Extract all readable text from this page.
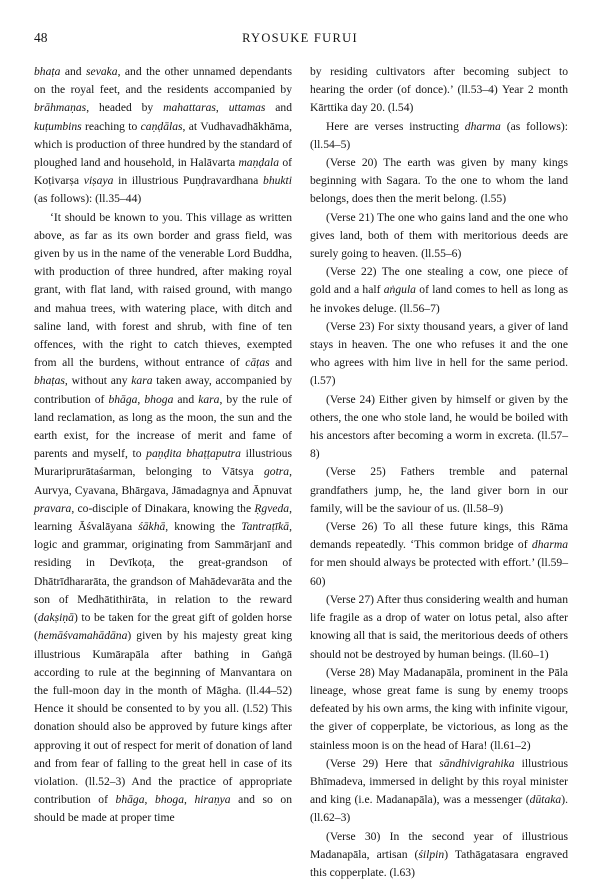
48	RYOSUKE FURUI

bhaṭa and sevaka, and the other unnamed dependants on the royal feet, and the residents accompanied by brāhmaṇas, headed by mahattaras, uttamas and kuṭumbins reaching to caṇḍālas, at Vudhavadhākhāma, which is production of three hundred by the standard of ploughed land and household, in Halāvarta maṇḍala of Koṭivarṣa viṣaya in illustrious Puṇḍravardhana bhukti (as follows): (ll.35–44)

‘It should be known to you. This village as written above, as far as its own border and grass field, was given by us in the name of the venerable Lord Buddha, with production of three hundred, after making royal grant, with flat land, with raised ground, with mango and mahua trees, with watering place, with ditch and saline land, with forest and shrub, with fine of ten offences, with the right to catch thieves, exempted from all the burdens, without entrance of cāṭas and bhaṭas, without any kara taken away, accompanied by contribution of bhāga, bhoga and kara, by the rule of land reclamation, as long as the moon, the sun and the earth exist, for the increase of merit and fame of parents and myself, to paṇḍita bhaṭṭaputra illustrious Murariprurātaśarman, belonging to Vātsya gotra, Aurvya, Cyavana, Bhārgava, Jāmadagnya and Āpnuvat pravara, co-disciple of Dinakara, knowing the Ṛgveda, learning Āśvalāyana śākhā, knowing the Tantraṭīkā, logic and grammar, originating from Sammārjanī and residing in Devīkoṭa, the great-grandson of Dhātrīdhararāta, the grandson of Mahādevarāta and the son of Medhātithirāta, in relation to the reward (dakṣiṇā) to be taken for the great gift of golden horse (hemāśvamahādāna) given by his majesty great king illustrious Kumārapāla after bathing in Gaṅgā according to rule at the beginning of Manvantara on the full-moon day in the month of Māgha. (ll.44–52) Hence it should be consented to by you all. (l.52) This donation should also be approved by future kings after approving it out of respect for merit of donation of land and from fear of falling to the great hell in case of its violation. (ll.52–3) And the practice of appropriate contribution of bhāga, bhoga, hiraṇya and so on should be made at proper time

by residing cultivators after becoming subject to hearing the order (of donce).’ (ll.53–4) Year 2 month Kārttika day 20. (l.54)

Here are verses instructing dharma (as follows): (ll.54–5)

(Verse 20) The earth was given by many kings beginning with Sagara. To the one to whom the land belongs, does then the merit belong. (l.55)

(Verse 21) The one who gains land and the one who gives land, both of them with meritorious deeds are surely going to heaven. (ll.55–6)

(Verse 22) The one stealing a cow, one piece of gold and a half aṅgula of land comes to hell as long as he invokes deluge. (ll.56–7)

(Verse 23) For sixty thousand years, a giver of land stays in heaven. The one who refuses it and the one who agrees with him live in hell for the same period. (l.57)

(Verse 24) Either given by himself or given by the others, the one who stole land, he would be boiled with his ancestors after becoming a worm in excreta. (ll.57–8)

(Verse 25) Fathers tremble and paternal grandfathers jump, he, the land giver born in our family, will be the saviour of us. (ll.58–9)

(Verse 26) To all these future kings, this Rāma demands repeatedly. ‘This common bridge of dharma for men should always be protected with effort.’ (ll.59–60)

(Verse 27) After thus considering wealth and human life fragile as a drop of water on lotus petal, also after knowing all that is said, the meritorious deeds of others should not be destroyed by human beings. (ll.60–1)

(Verse 28) May Madanapāla, prominent in the Pāla lineage, whose great fame is sung by enemy troops defeated by his own arms, the king with infinite vigour, the giver of copperplate, be victorious, as long as the stainless moon is on the head of Hara! (ll.61–2)

(Verse 29) Here that sāndhivigrahika illustrious Bhīmadeva, immersed in delight by this royal minister and king (i.e. Madanapāla), was a messenger (dūtaka). (ll.62–3)

(Verse 30) In the second year of illustrious Madanapāla, artisan (śilpin) Tathāgatasara engraved this copperplate. (l.63)
